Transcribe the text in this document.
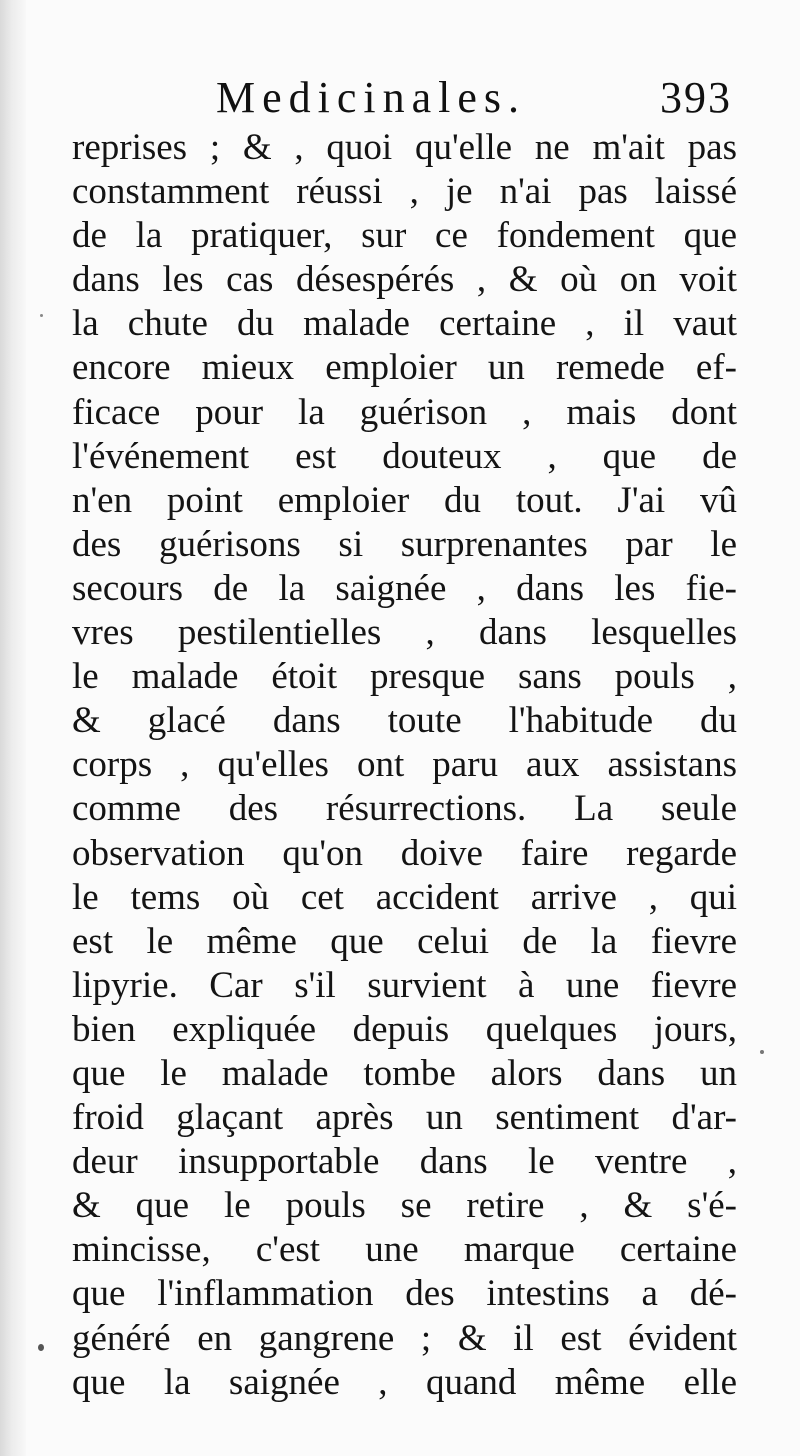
Medicinales.	393
reprises ; & , quoi qu'elle ne m'ait pas
constamment réussi , je n'ai pas laissé
de la pratiquer, sur ce fondement que
dans les cas désespérés , & où on voit
la chute du malade certaine , il vaut
encore mieux emploier un remede ef-
ficace pour la guérison , mais dont
l'événement est douteux , que de
n'en point emploier du tout. J'ai vû
des guérisons si surprenantes par le
secours de la saignée , dans les fie-
vres pestilentielles , dans lesquelles
le malade étoit presque sans pouls ,
& glacé dans toute l'habitude du
corps , qu'elles ont paru aux assistans
comme des résurrections. La seule
observation qu'on doive faire regarde
le tems où cet accident arrive , qui
est le même que celui de la fievre
lipyrie. Car s'il survient à une fievre
bien expliquée depuis quelques jours,
que le malade tombe alors dans un
froid glaçant après un sentiment d'ar-
deur insupportable dans le ventre ,
& que le pouls se retire , & s'é-
mincisse, c'est une marque certaine
que l'inflammation des intestins a dé-
généré en gangrene ; & il est évident
que la saignée , quand même elle
